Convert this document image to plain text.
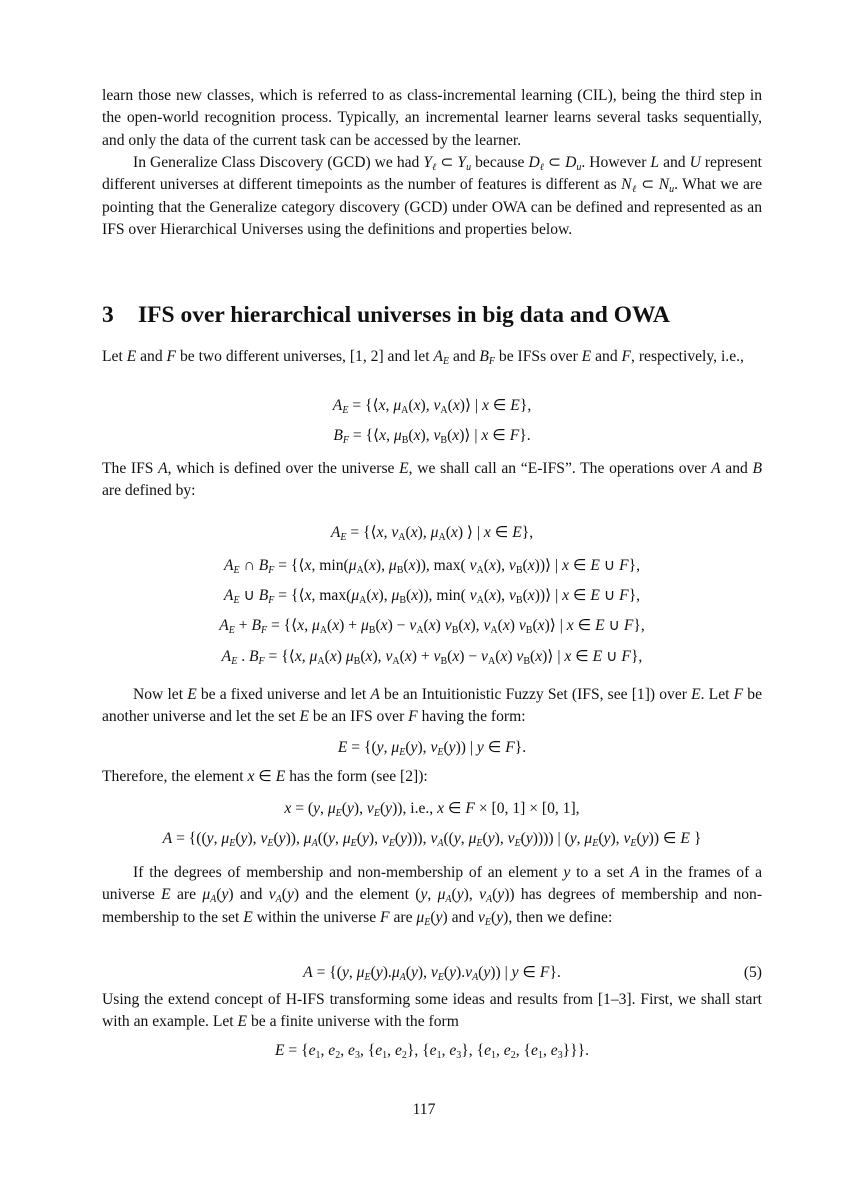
learn those new classes, which is referred to as class-incremental learning (CIL), being the third step in the open-world recognition process. Typically, an incremental learner learns several tasks sequentially, and only the data of the current task can be accessed by the learner.

In Generalize Class Discovery (GCD) we had $Y_\ell$ ⊂ $Y_u$ because $D_\ell$ ⊂ $D_u$. However L and U represent different universes at different timepoints as the number of features is different as $N_\ell$ ⊂ $N_u$. What we are pointing that the Generalize category discovery (GCD) under OWA can be defined and represented as an IFS over Hierarchical Universes using the definitions and properties below.

3 IFS over hierarchical universes in big data and OWA

Let E and F be two different universes, [1, 2] and let $A_E$ and $B_F$ be IFSs over E and F, respectively, i.e.,

$A_E$ = {⟨x, $\mu_A(x)$, $\nu_A(x)⟩$ | x ∈ E},
$B_F$ = {⟨x, $\mu_B(x)$, $\nu_B(x)⟩$ | x ∈ F}.

The IFS A, which is defined over the universe E, we shall call an “E-IFS”. The operations over A and B are defined by:

$A_E$ = {⟨x, $\nu_A(x)$, $\mu_A(x)$ ⟩ | x ∈ E},
$A_E$ ∩ $B_F$ = {⟨x, $\min(\mu_A(x)$, $\mu_B(x)$), max( $\nu_A(x)$, $\nu_B(x))⟩$ | x ∈ E ∪ F},
$A_E$ ∪ $B_F$ = {⟨x, $\max(\mu_A(x)$, $\mu_B(x)$), min( $\nu_A(x)$, $\nu_B(x))⟩$ | x ∈ E ∪ F},
$A_E + B_F$ = {⟨x, $\mu_A(x) + \mu_B(x) - \nu_A(x)$ $\nu_B(x)$, $\nu_A(x)$ $\nu_B(x)⟩$ | x ∈ E ∪ F},
$A_E$ . $B_F$ = {⟨x, $\mu_A(x)$ $\mu_B(x)$, $\nu_A(x) + \nu_B(x) - \nu_A(x)$ $\nu_B(x)⟩$ | x ∈ E ∪ F},

Now let E be a fixed universe and let A be an Intuitionistic Fuzzy Set (IFS, see [1]) over E. Let F be another universe and let the set E be an IFS over F having the form:

E = {(y, $\mu_E(y)$, $\nu_E(y)$) | y ∈ F}.

Therefore, the element x ∈ E has the form (see [2]):

x = (y, $\mu_E(y)$, $\nu_E(y)$), i.e., x ∈ F × [0, 1] × [0, 1],
A = {((y, $\mu_E(y)$, $\nu_E(y)$), $\mu_A((y$, $\mu_E(y)$, $\nu_E(y)$)), $\nu_A((y$, $\mu_E(y)$, $\nu_E(y)$))) | (y, $\mu_E(y)$, $\nu_E(y)$) ∈ E }

If the degrees of membership and non-membership of an element y to a set A in the frames of a universe E are $\mu_A(y)$ and $\nu_A(y)$ and the element (y, $\mu_A(y)$, $\nu_A(y)$) has degrees of membership and non-membership to the set E within the universe F are $\mu_E(y)$ and $\nu_E(y)$, then we define:

A = {(y, $\mu_E(y).\mu_A(y)$, $\nu_E(y).\nu_A(y)$) | y ∈ F}.	(5)

Using the extend concept of H-IFS transforming some ideas and results from [1–3]. First, we shall start with an example. Let E be a finite universe with the form

$E = \{e_1$, $e_2$, $e_3$, {$e_1$, $e_2$}, {$e_1$, $e_3$}, {$e_1$, $e_2$, {$e_1$, $e_3$}}}.
117
